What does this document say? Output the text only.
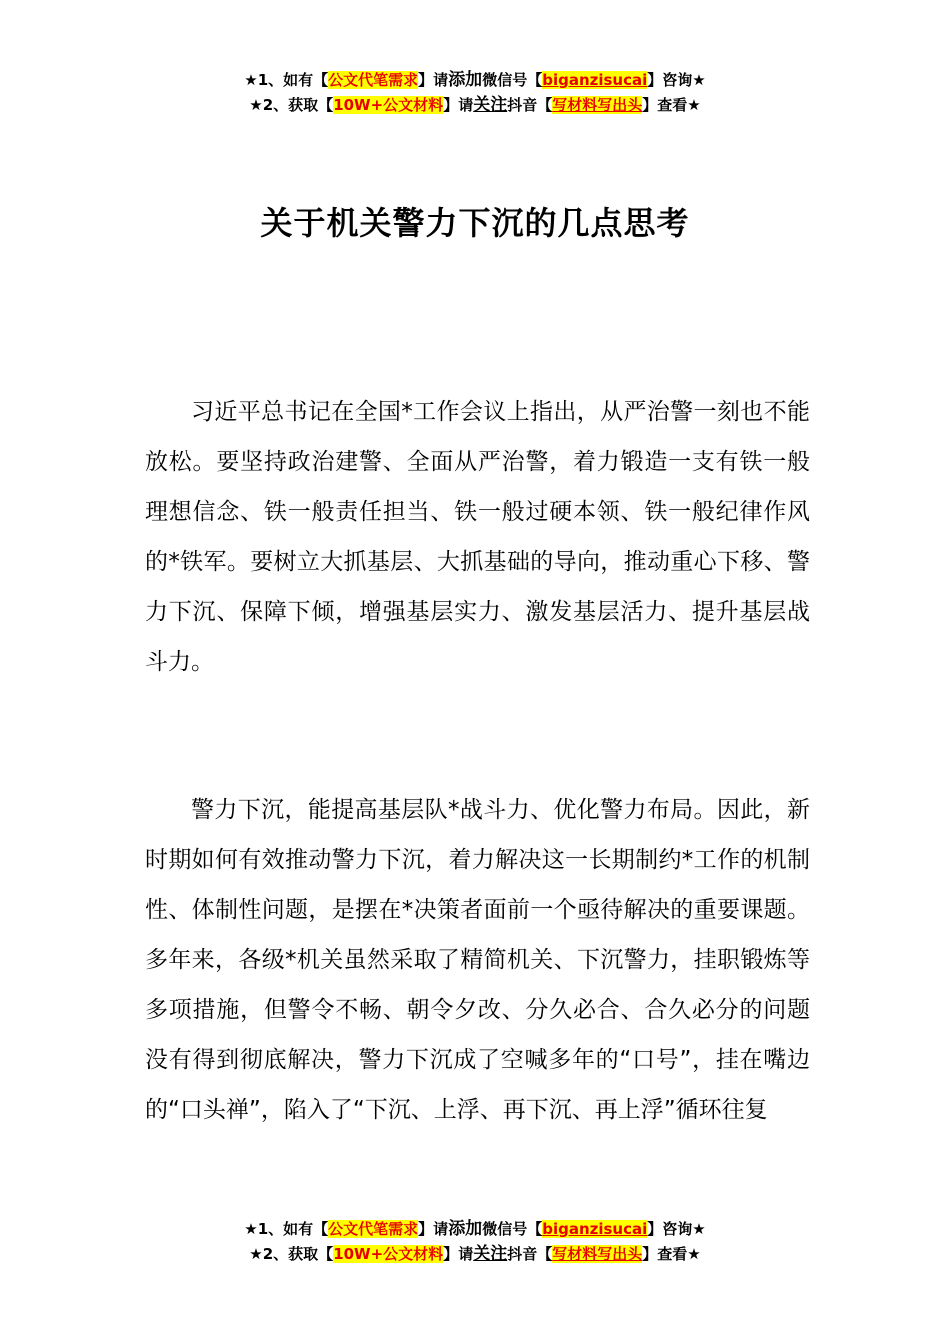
★1、如有【公文代笔需求】请添加微信号【biganzisucai】咨询★
★2、获取【10W+公文材料】请关注抖音【写材料写出头】查看★
关于机关警力下沉的几点思考

习近平总书记在全国*工作会议上指出，从严治警一刻也不能放松。要坚持政治建警、全面从严治警，着力锻造一支有铁一般理想信念、铁一般责任担当、铁一般过硬本领、铁一般纪律作风的*铁军。要树立大抓基层、大抓基础的导向，推动重心下移、警力下沉、保障下倾，增强基层实力、激发基层活力、提升基层战斗力。

警力下沉，能提高基层队*战斗力、优化警力布局。因此，新时期如何有效推动警力下沉，着力解决这一长期制约*工作的机制性、体制性问题，是摆在*决策者面前一个亟待解决的重要课题。多年来，各级*机关虽然采取了精简机关、下沉警力，挂职锻炼等多项措施，但警令不畅、朝令夕改、分久必合、合久必分的问题没有得到彻底解决，警力下沉成了空喊多年的“口号”，挂在嘴边的“口头禅”，陷入了“下沉、上浮、再下沉、再上浮”循环往复

★1、如有【公文代笔需求】请添加微信号【biganzisucai】咨询★
★2、获取【10W+公文材料】请关注抖音【写材料写出头】查看★
